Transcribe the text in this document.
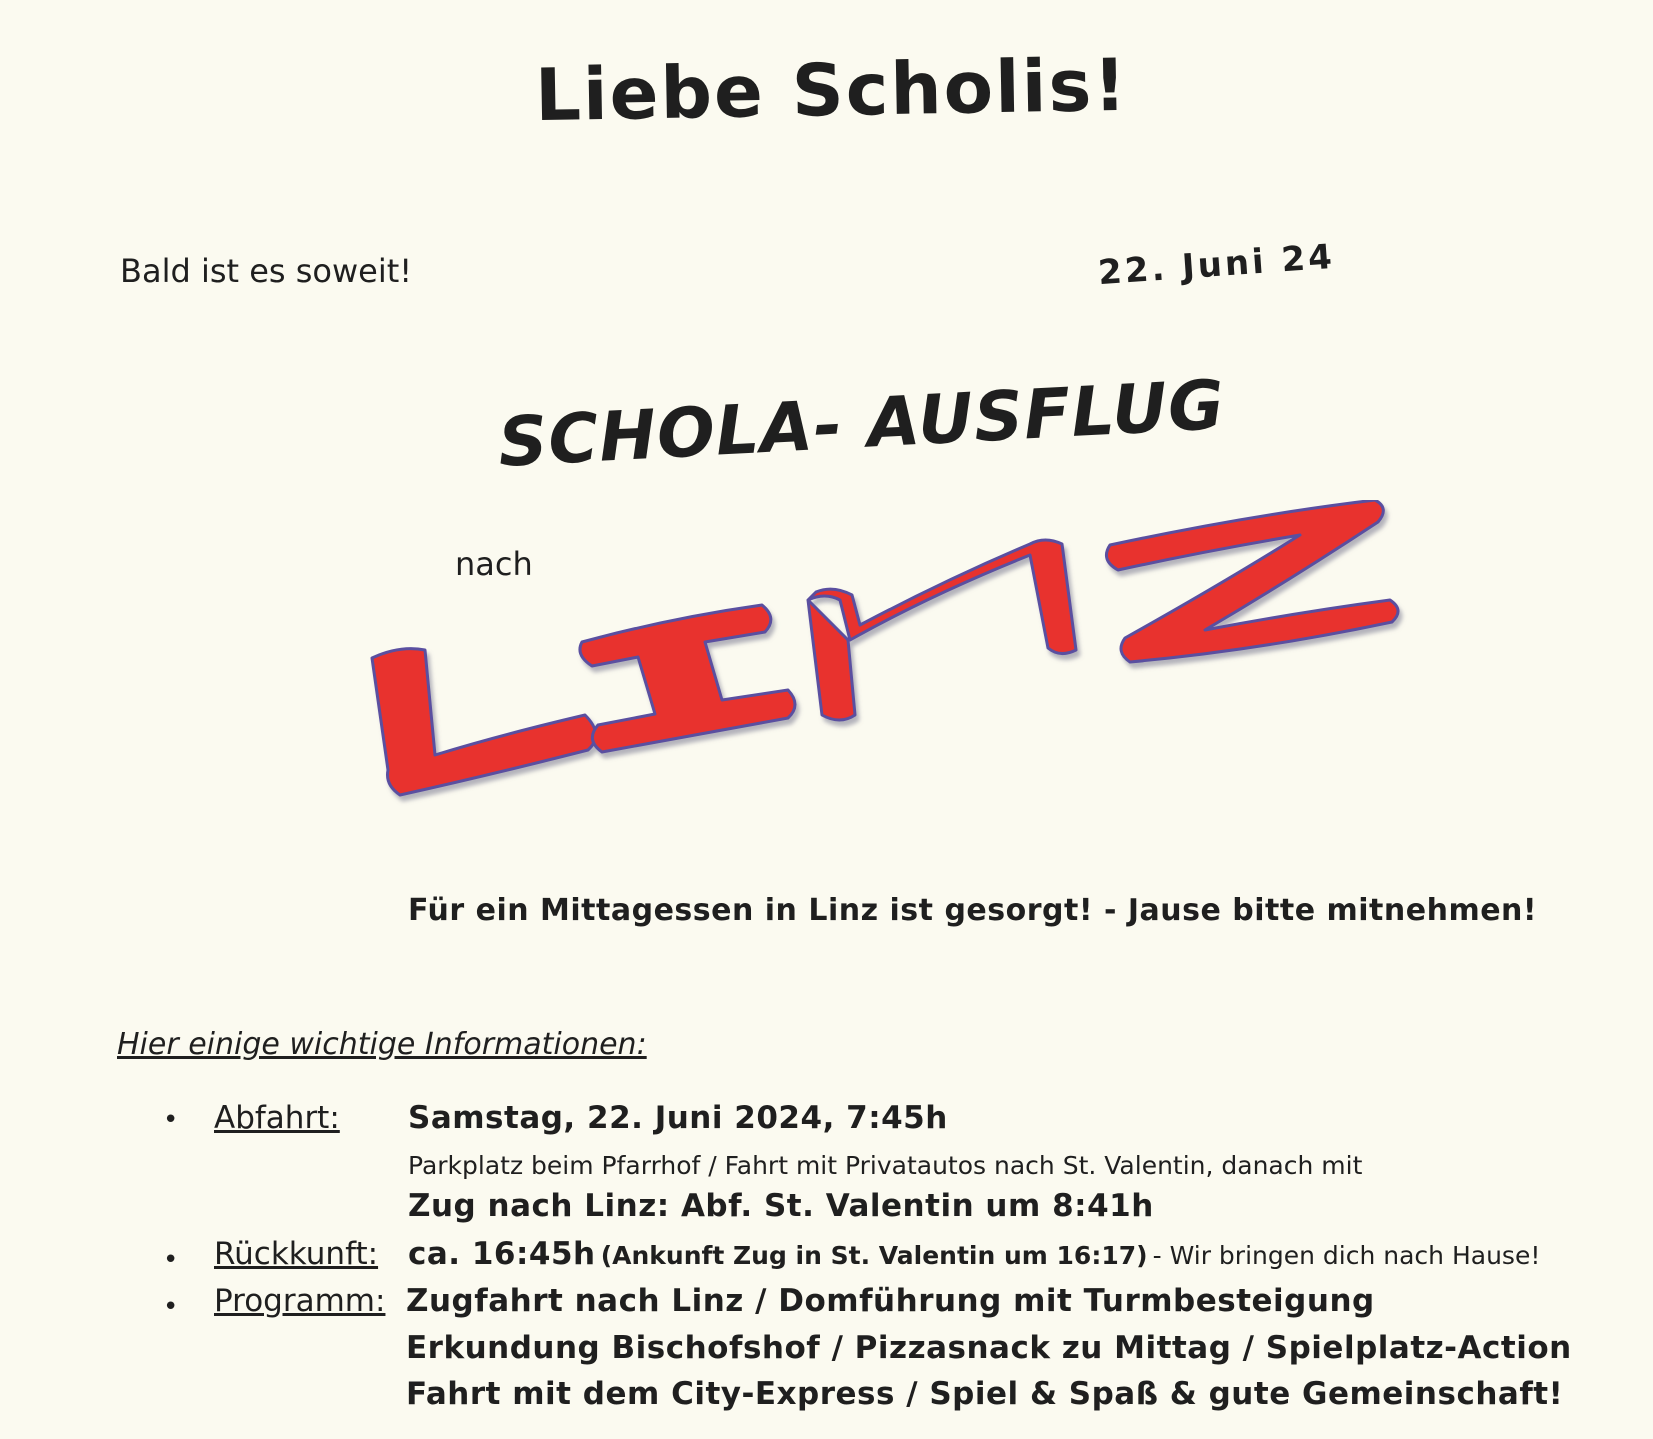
Liebe Scholis!
Bald ist es soweit!	22. Juni 24
SCHOLA- AUSFLUG
nach
Für ein Mittagessen in Linz ist gesorgt! - Jause bitte mitnehmen!
Hier einige wichtige Informationen:
• Abfahrt: Samstag, 22. Juni 2024, 7:45h
Parkplatz beim Pfarrhof / Fahrt mit Privatautos nach St. Valentin, danach mit
Zug nach Linz: Abf. St. Valentin um 8:41h
• Rückkunft: ca. 16:45h (Ankunft Zug in St. Valentin um 16:17) - Wir bringen dich nach Hause!
• Programm: Zugfahrt nach Linz / Domführung mit Turmbesteigung
Erkundung Bischofshof / Pizzasnack zu Mittag / Spielplatz-Action
Fahrt mit dem City-Express / Spiel & Spaß & gute Gemeinschaft!
